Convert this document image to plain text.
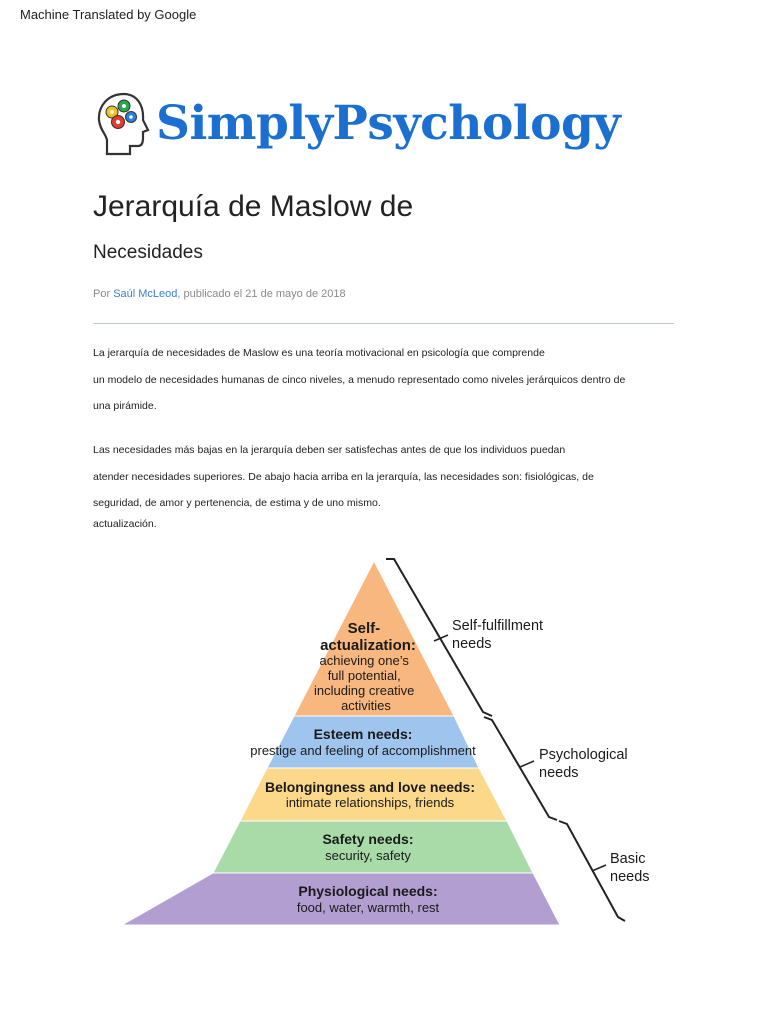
Machine Translated by Google
SimplyPsychology
Jerarquía de Maslow de
Necesidades
Por Saúl McLeod, publicado el 21 de mayo de 2018
La jerarquía de necesidades de Maslow es una teoría motivacional en psicología que comprende
un modelo de necesidades humanas de cinco niveles, a menudo representado como niveles jerárquicos dentro de
una pirámide.
Las necesidades más bajas en la jerarquía deben ser satisfechas antes de que los individuos puedan
atender necesidades superiores. De abajo hacia arriba en la jerarquía, las necesidades son: fisiológicas, de
seguridad, de amor y pertenencia, de estima y de uno mismo.
actualización.
Self- actualization:
achieving one’s full potential, including creative activities
Esteem needs:
prestige and feeling of accomplishment
Belongingness and love needs:
intimate relationships, friends
Safety needs:
security, safety
Physiological needs:
food, water, warmth, rest
Self-fulfillment needs
Psychological needs
Basic needs
